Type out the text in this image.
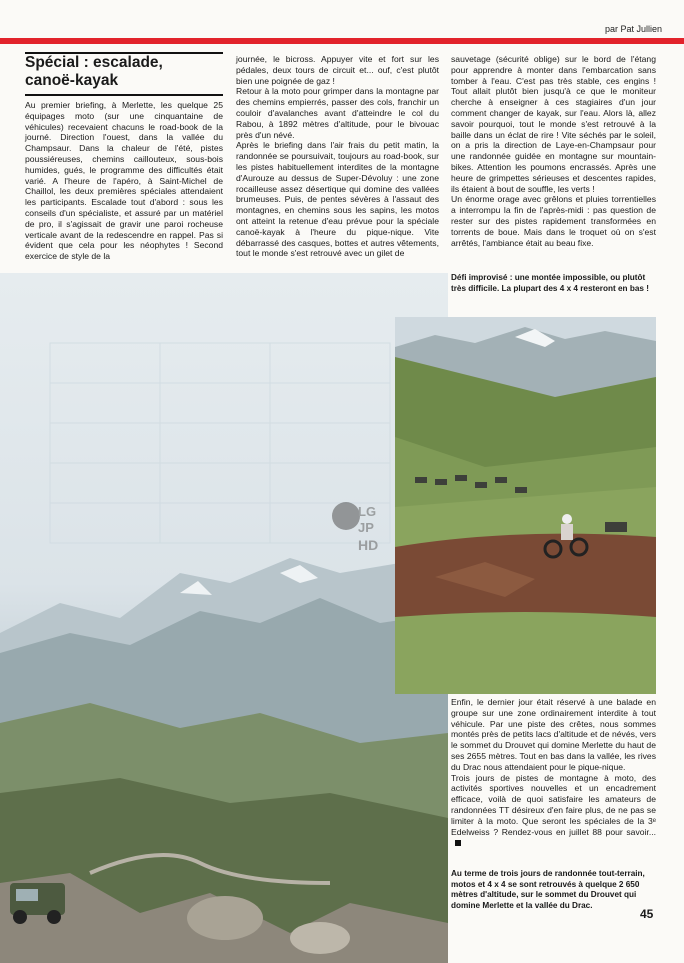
par Pat Jullien
Spécial : escalade,
canoë-kayak

Au premier briefing, à Merlette, les quelque 25 équipages moto (sur une cinquantaine de véhicules) recevaient chacuns le road-book de la journé. Direction l'ouest, dans la vallée du Champsaur. Dans la chaleur de l'été, pistes poussiéreuses, chemins caillouteux, sous-bois humides, gués, le programme des difficultés était varié. A l'heure de l'apéro, à Saint-Michel de Chaillol, les deux premières spéciales attendaient les participants. Escalade tout d'abord : sous les conseils d'un spécialiste, et assuré par un matériel de pro, il s'agissait de gravir une paroi rocheuse verticale avant de la redescendre en rappel. Pas si évident que cela pour les néophytes ! Second exercice de style de la

journée, le bicross. Appuyer vite et fort sur les pédales, deux tours de circuit et... ouf, c'est plutôt bien une poignée de gaz !

Retour à la moto pour grimper dans la montagne par des chemins empierrés, passer des cols, franchir un couloir d'avalanches avant d'atteindre le col du Rabou, à 1892 mètres d'altitude, pour le bivouac près d'un névé.

Après le briefing dans l'air frais du petit matin, la randonnée se poursuivait, toujours au road-book, sur les pistes habituellement interdites de la montagne d'Aurouze au dessus de Super-Dévoluy : une zone rocailleuse assez désertique qui domine des vallées brumeuses. Puis, de pentes sévères à l'assaut des montagnes, en chemins sous les sapins, les motos ont atteint la retenue d'eau prévue pour la spéciale canoë-kayak à l'heure du pique-nique. Vite débarrassé des casques, bottes et autres vêtements, tout le monde s'est retrouvé avec un gilet de

sauvetage (sécurité oblige) sur le bord de l'étang pour apprendre à monter dans l'embarcation sans tomber à l'eau. C'est pas très stable, ces engins ! Tout allait plutôt bien jusqu'à ce que le moniteur cherche à enseigner à ces stagiaires d'un jour comment changer de kayak, sur l'eau. Alors là, allez savoir pourquoi, tout le monde s'est retrouvé à la baille dans un éclat de rire ! Vite séchés par le soleil, on a pris la direction de Laye-en-Champsaur pour une randonnée guidée en montagne sur mountain-bikes. Attention les poumons encrassés. Après une heure de grimpettes sérieuses et descentes rapides, ils étaient à bout de souffle, les verts !

Un énorme orage avec grêlons et pluies torrentielles a interrompu la fin de l'après-midi : pas question de rester sur des pistes rapidement transformées en torrents de boue. Mais dans le troquet où on s'est arrêtés, l'ambiance était au beau fixe.

Défi improvisé : une montée impossible, ou plutôt très difficile. La plupart des 4 x 4 resteront en bas !
LG
JP
HD

Enfin, le dernier jour était réservé à une balade en groupe sur une zone ordinairement interdite à tout véhicule. Par une piste des crêtes, nous sommes montés près de petits lacs d'altitude et de névés, vers le sommet du Drouvet qui domine Merlette du haut de ses 2655 mètres. Tout en bas dans la vallée, les rives du Drac nous attendaient pour le pique-nique.

Trois jours de pistes de montagne à moto, des activités sportives nouvelles et un encadrement efficace, voilà de quoi satisfaire les amateurs de randonnées TT désireux d'en faire plus, de ne pas se limiter à la moto. Que seront les spéciales de la 3ᵉ Edelweiss ? Rendez-vous en juillet 88 pour savoir...

Au terme de trois jours de randonnée tout-terrain, motos et 4 x 4 se sont retrouvés à quelque 2 650 mètres d'altitude, sur le sommet du Drouvet qui domine Merlette et la vallée du Drac.
45
